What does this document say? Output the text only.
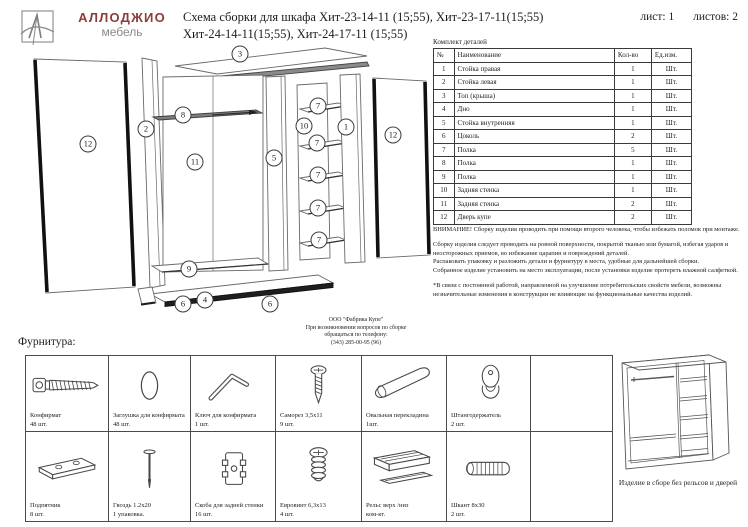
АЛЛОДЖИО
мебель
Схема сборки для шкафа Хит-23-14-11 (15;55), Хит-23-17-11(15;55)
Хит-24-14-11(15;55), Хит-24-17-11 (15;55)
лист: 1 листов: 2
12
2
8
3
11	5
10
7
7
7
7
7
1
12
9
6	4	6
ООО "Фабрика Купе"
При возникновении вопросов по сборке
обращаться по телефону:
(343) 285-00-95 (96)
Комплект деталей
№	Наименование	Кол-во	Ед.изм.
1	Стойка правая	1	Шт.
2	Стойка левая	1	Шт.
3	Топ (крыша)	1	Шт.
4	Дно	1	Шт.
5	Стойка внутренняя	1	Шт.
6	Цоколь	2	Шт.
7	Полка	5	Шт.
8	Полка	1	Шт.
9	Полка	1	Шт.
10	Задняя стенка	1	Шт.
11	Задняя стенка	2	Шт.
12	Дверь купе	2	Шт.
ВНИМАНИЕ! Сборку изделия проводить при помощи второго человека, чтобы избежать поломок при монтаже.
Сборку изделия следует проводить на ровной поверхности, покрытой тканью или бумагой, избегая ударов и неосторожных приемов, во избежание царапин и повреждений деталей.
Распаковать упаковку и разложить детали и фурнитуру в места, удобные для дальнейшей сборки.
Собранное изделие установить на место эксплуатации, после установки изделие протереть влажной салфеткой.
*В связи с постоянной работой, направленной на улучшение потребительских свойств мебели, возможны незначительные изменения в конструкции не влияющие на функциональные качества изделий.
Фурнитура:
Конфирмат
48 шт.
Заглушка для конфирмата
48 шт.
Ключ для конфирмата
1 шт.
Саморез 3,5x11
9 шт.
Овальная перекладина
1шт.
Штангодержатель
2 шт.
Подпятник
8 шт.
Гвоздь 1.2x20
1 упаковка.
Скоба для задней стенки
16 шт.
Евровинт 6,3x13
4 шт.
Рельс верх /низ
ком-кт.
Шкант 8x30
2 шт.
Изделие в сборе без рельсов и дверей
